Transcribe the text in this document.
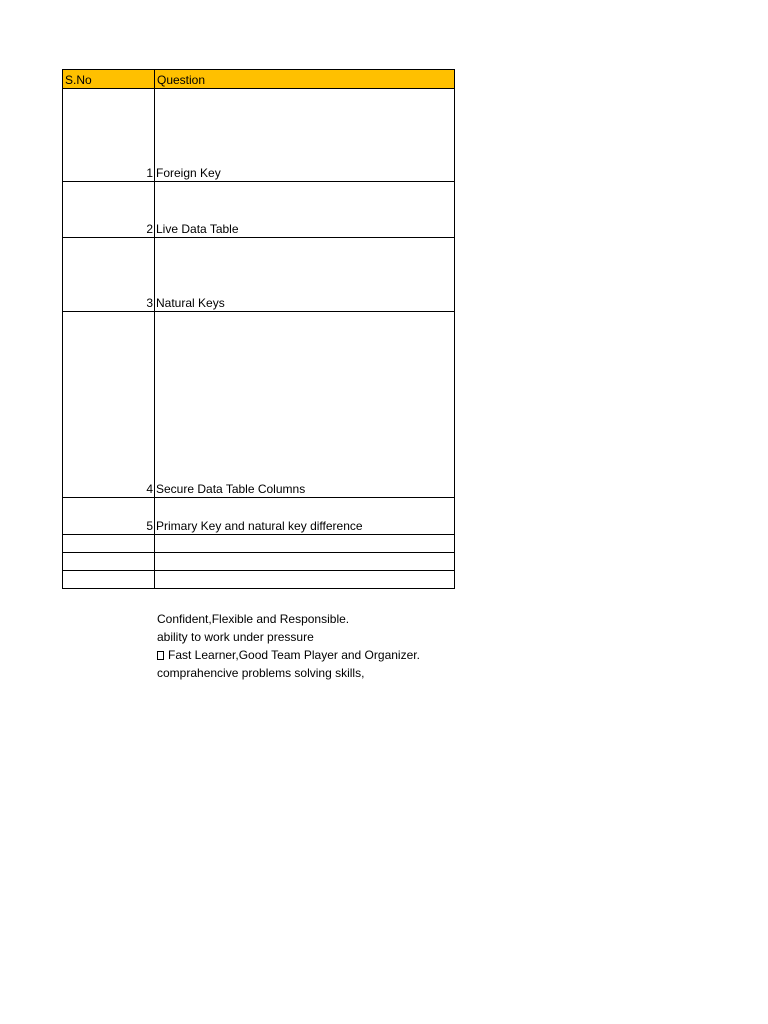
S.No	Question
1	Foreign Key
2	Live Data Table
3	Natural Keys
4	Secure Data Table Columns
5	Primary Key and natural key difference

Confident,Flexible and Responsible.
ability to work under pressure
Fast Learner,Good Team Player and Organizer.
comprahencive problems solving skills,
